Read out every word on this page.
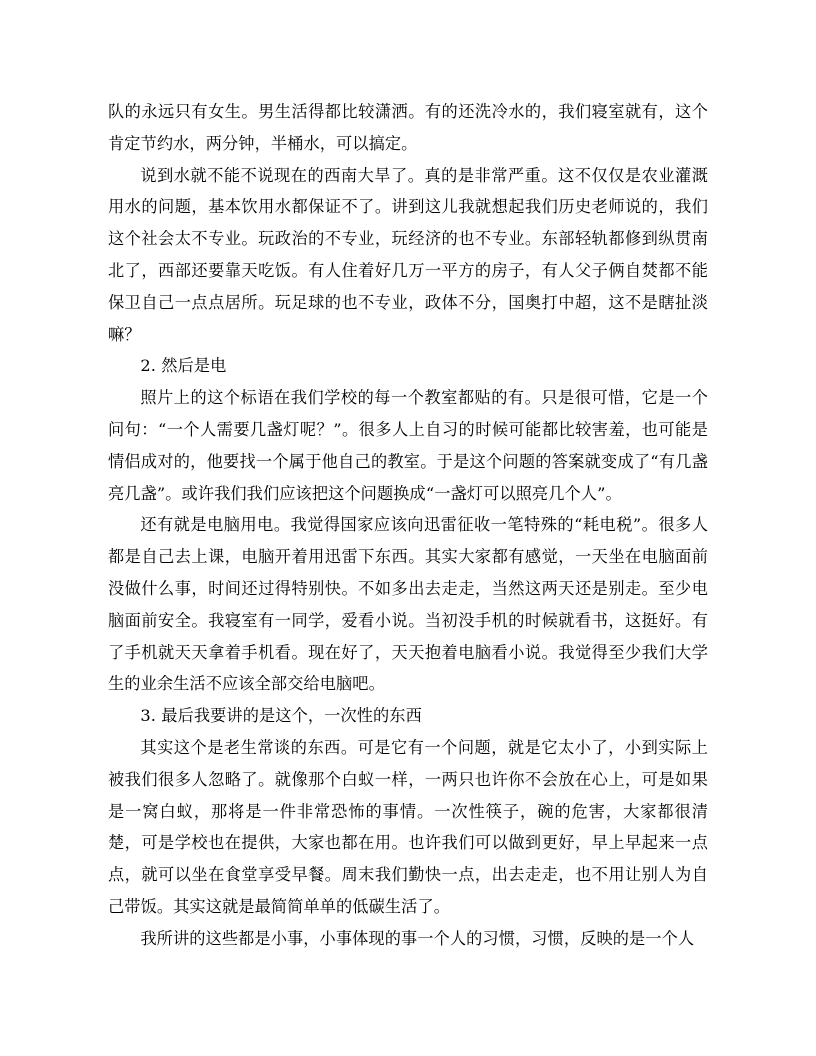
队的永远只有女生。男生活得都比较潇洒。有的还洗冷水的，我们寝室就有，这个肯定节约水，两分钟，半桶水，可以搞定。

说到水就不能不说现在的西南大旱了。真的是非常严重。这不仅仅是农业灌溉用水的问题，基本饮用水都保证不了。讲到这儿我就想起我们历史老师说的，我们这个社会太不专业。玩政治的不专业，玩经济的也不专业。东部轻轨都修到纵贯南北了，西部还要靠天吃饭。有人住着好几万一平方的房子，有人父子俩自焚都不能保卫自己一点点居所。玩足球的也不专业，政体不分，国奥打中超，这不是瞎扯淡嘛？

2. 然后是电

照片上的这个标语在我们学校的每一个教室都贴的有。只是很可惜，它是一个问句：“一个人需要几盏灯呢？”。很多人上自习的时候可能都比较害羞，也可能是情侣成对的，他要找一个属于他自己的教室。于是这个问题的答案就变成了“有几盏亮几盏”。或许我们我们应该把这个问题换成“一盏灯可以照亮几个人”。

还有就是电脑用电。我觉得国家应该向迅雷征收一笔特殊的“耗电税”。很多人都是自己去上课，电脑开着用迅雷下东西。其实大家都有感觉，一天坐在电脑面前没做什么事，时间还过得特别快。不如多出去走走，当然这两天还是别走。至少电脑面前安全。我寝室有一同学，爱看小说。当初没手机的时候就看书，这挺好。有了手机就天天拿着手机看。现在好了，天天抱着电脑看小说。我觉得至少我们大学生的业余生活不应该全部交给电脑吧。

3. 最后我要讲的是这个，一次性的东西

其实这个是老生常谈的东西。可是它有一个问题，就是它太小了，小到实际上被我们很多人忽略了。就像那个白蚁一样，一两只也许你不会放在心上，可是如果是一窝白蚁，那将是一件非常恐怖的事情。一次性筷子，碗的危害，大家都很清楚，可是学校也在提供，大家也都在用。也许我们可以做到更好，早上早起来一点点，就可以坐在食堂享受早餐。周末我们勤快一点，出去走走，也不用让别人为自己带饭。其实这就是最简简单单的低碳生活了。

我所讲的这些都是小事，小事体现的事一个人的习惯，习惯，反映的是一个人
